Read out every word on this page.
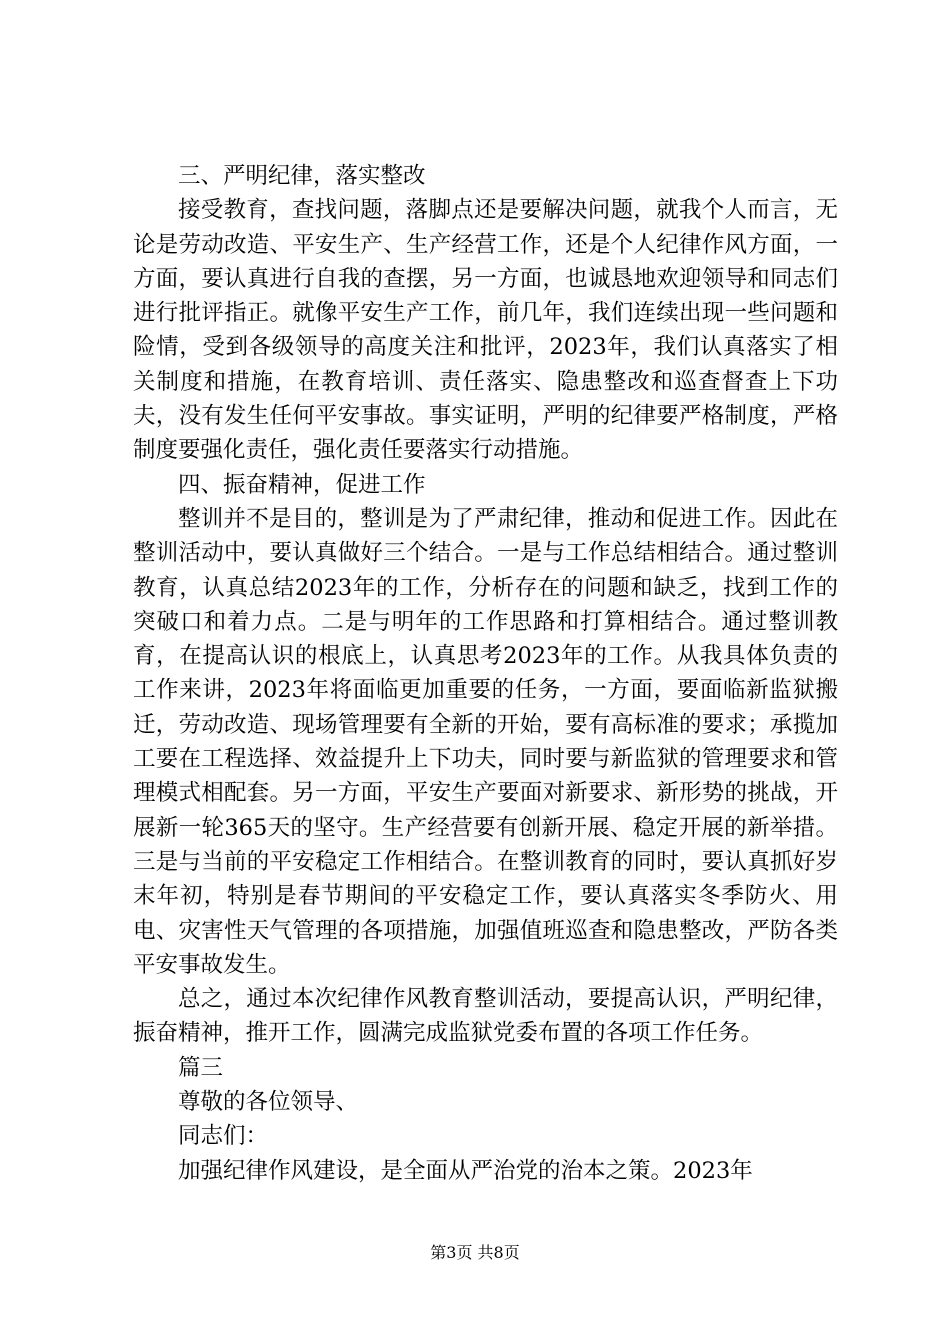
三、严明纪律，落实整改

接受教育，查找问题，落脚点还是要解决问题，就我个人而言，无论是劳动改造、平安生产、生产经营工作，还是个人纪律作风方面，一方面，要认真进行自我的查摆，另一方面，也诚恳地欢迎领导和同志们进行批评指正。就像平安生产工作，前几年，我们连续出现一些问题和险情，受到各级领导的高度关注和批评，2023年，我们认真落实了相关制度和措施，在教育培训、责任落实、隐患整改和巡查督查上下功夫，没有发生任何平安事故。事实证明，严明的纪律要严格制度，严格制度要强化责任，强化责任要落实行动措施。

四、振奋精神，促进工作

整训并不是目的，整训是为了严肃纪律，推动和促进工作。因此在整训活动中，要认真做好三个结合。一是与工作总结相结合。通过整训教育，认真总结2023年的工作，分析存在的问题和缺乏，找到工作的突破口和着力点。二是与明年的工作思路和打算相结合。通过整训教育，在提高认识的根底上，认真思考2023年的工作。从我具体负责的工作来讲，2023年将面临更加重要的任务，一方面，要面临新监狱搬迁，劳动改造、现场管理要有全新的开始，要有高标准的要求；承揽加工要在工程选择、效益提升上下功夫，同时要与新监狱的管理要求和管理模式相配套。另一方面，平安生产要面对新要求、新形势的挑战，开展新一轮365天的坚守。生产经营要有创新开展、稳定开展的新举措。三是与当前的平安稳定工作相结合。在整训教育的同时，要认真抓好岁末年初，特别是春节期间的平安稳定工作，要认真落实冬季防火、用电、灾害性天气管理的各项措施，加强值班巡查和隐患整改，严防各类平安事故发生。

总之，通过本次纪律作风教育整训活动，要提高认识，严明纪律，振奋精神，推开工作，圆满完成监狱党委布置的各项工作任务。

篇三

尊敬的各位领导、

同志们：

加强纪律作风建设，是全面从严治党的治本之策。2023年

第3页 共8页
